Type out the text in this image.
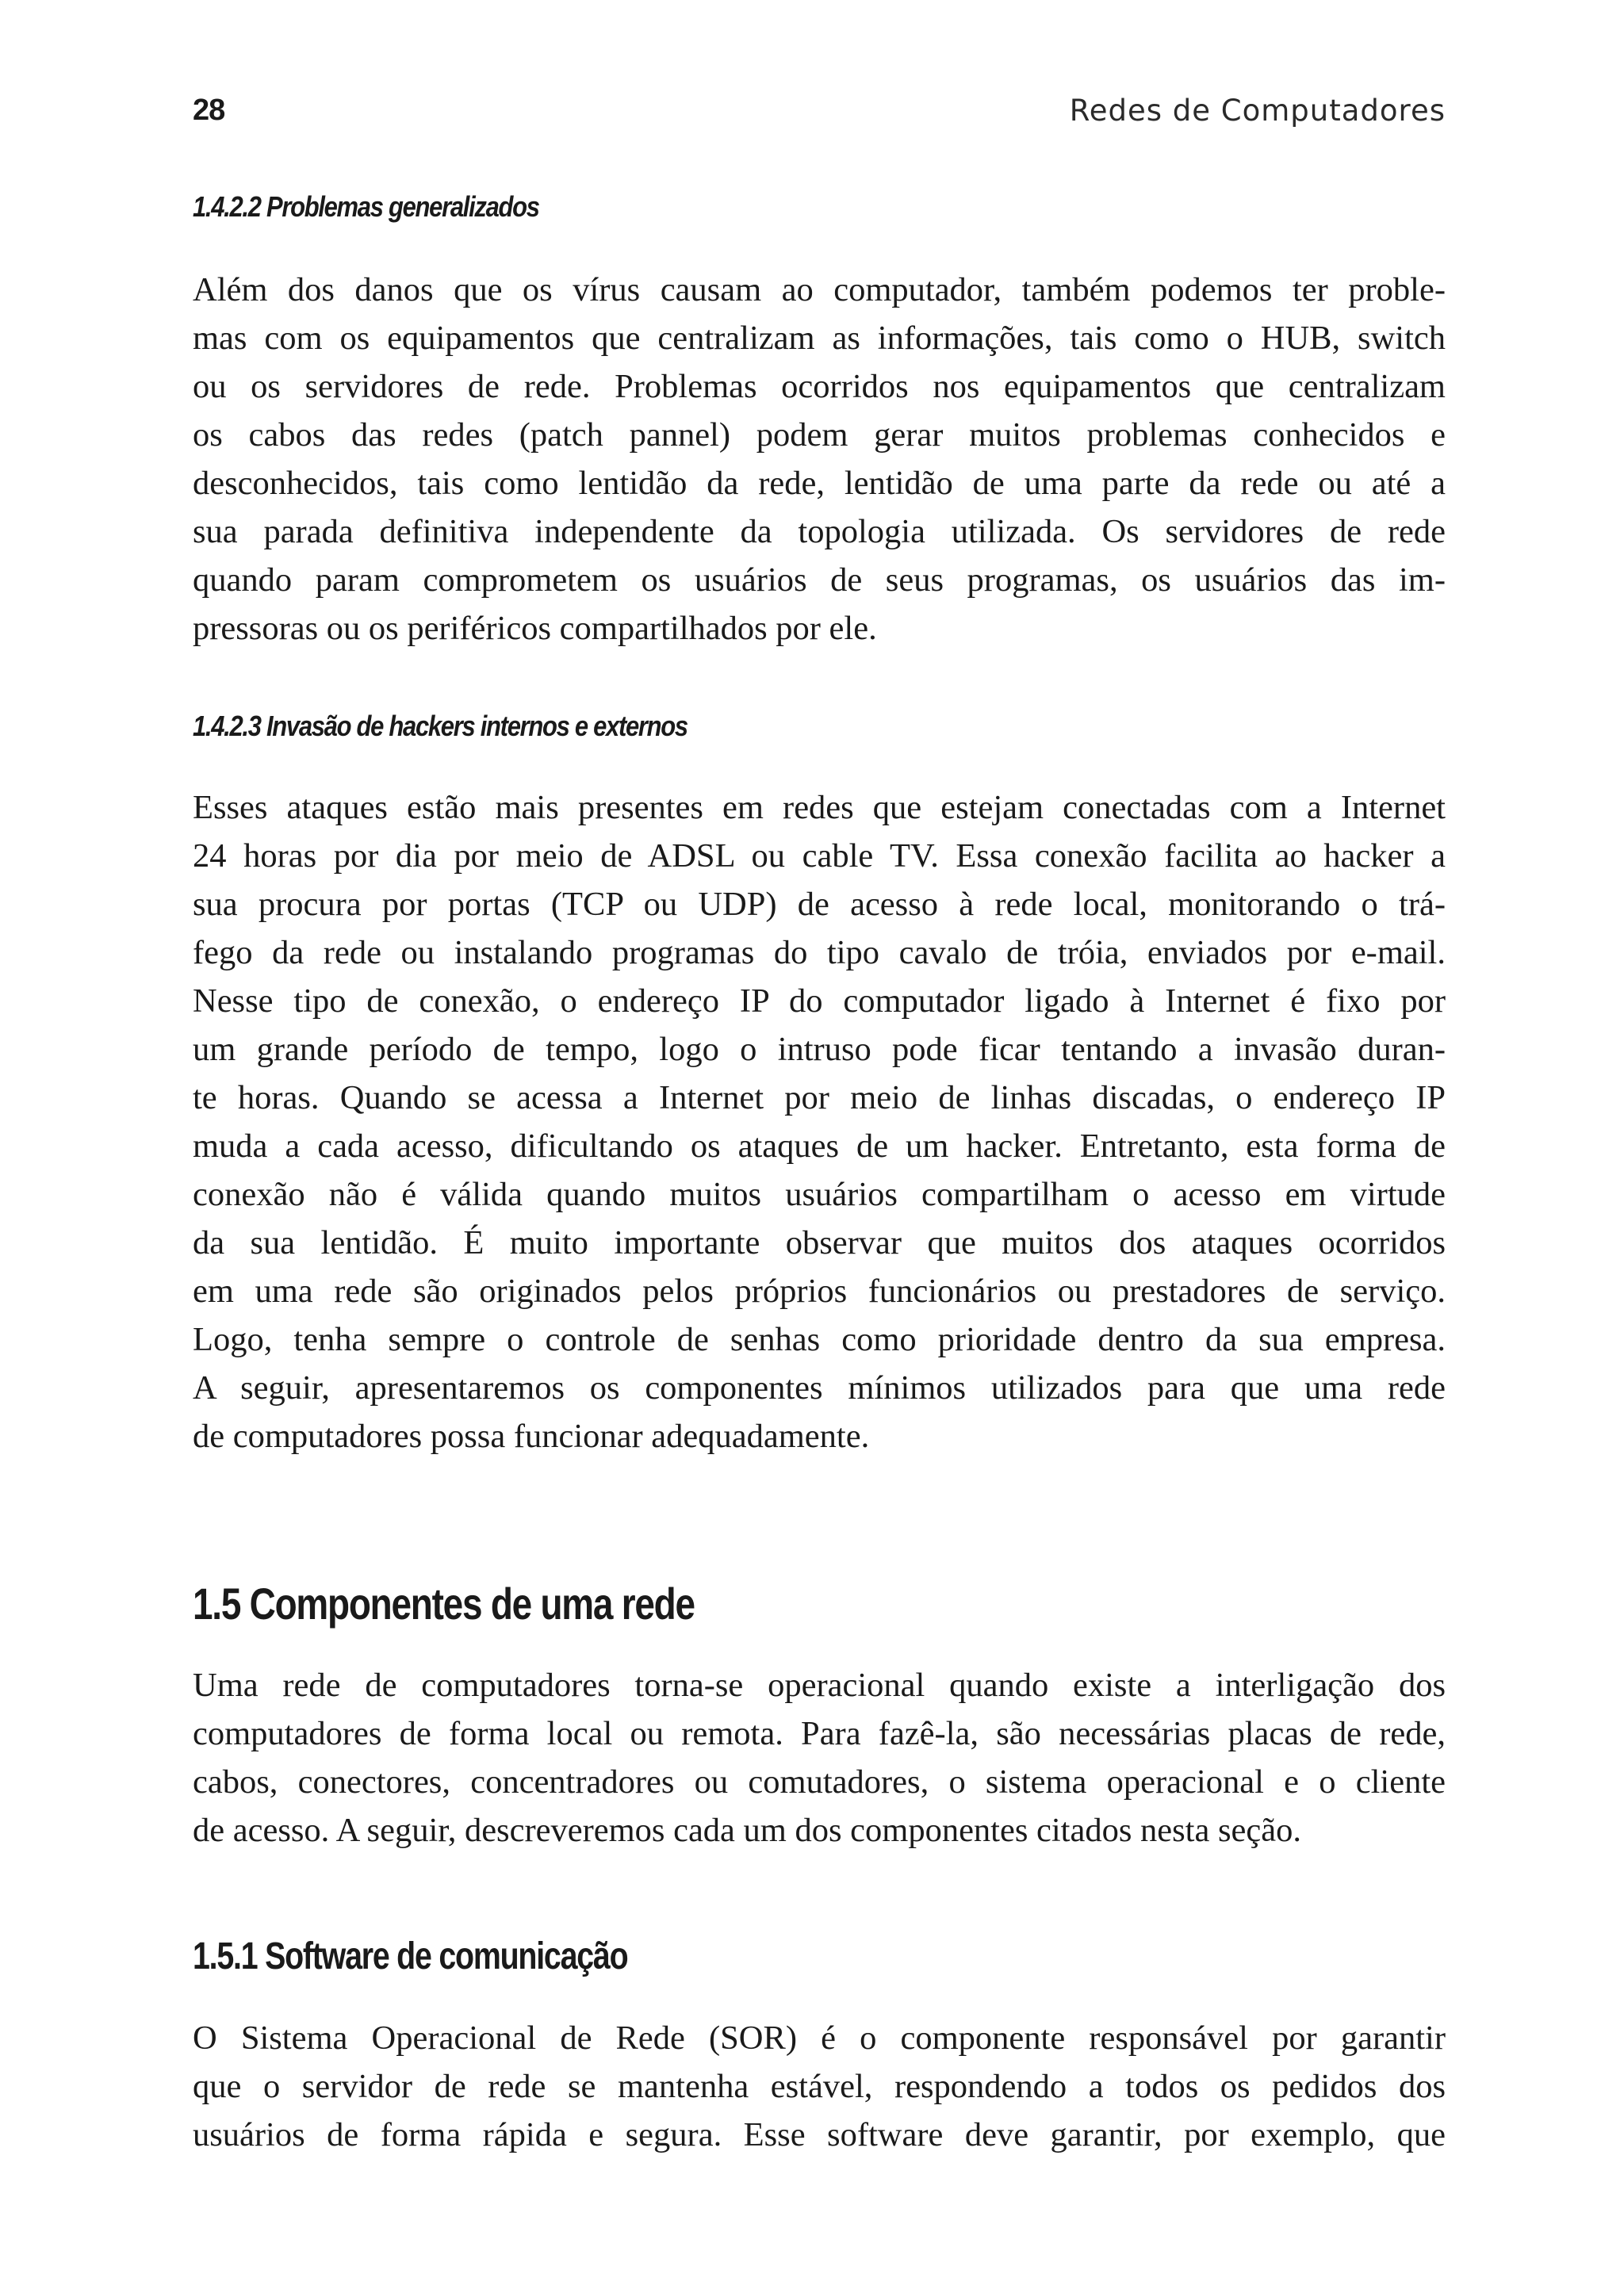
28	Redes de Computadores
1.4.2.2 Problemas generalizados
Além dos danos que os vírus causam ao computador, também podemos ter proble-
mas com os equipamentos que centralizam as informações, tais como o HUB, switch
ou os servidores de rede. Problemas ocorridos nos equipamentos que centralizam
os cabos das redes (patch pannel) podem gerar muitos problemas conhecidos e
desconhecidos, tais como lentidão da rede, lentidão de uma parte da rede ou até a
sua parada definitiva independente da topologia utilizada. Os servidores de rede
quando param comprometem os usuários de seus programas, os usuários das im-
pressoras ou os periféricos compartilhados por ele.
1.4.2.3 Invasão de hackers internos e externos
Esses ataques estão mais presentes em redes que estejam conectadas com a Internet
24 horas por dia por meio de ADSL ou cable TV. Essa conexão facilita ao hacker a
sua procura por portas (TCP ou UDP) de acesso à rede local, monitorando o trá-
fego da rede ou instalando programas do tipo cavalo de tróia, enviados por e-mail.
Nesse tipo de conexão, o endereço IP do computador ligado à Internet é fixo por
um grande período de tempo, logo o intruso pode ficar tentando a invasão duran-
te horas. Quando se acessa a Internet por meio de linhas discadas, o endereço IP
muda a cada acesso, dificultando os ataques de um hacker. Entretanto, esta forma de
conexão não é válida quando muitos usuários compartilham o acesso em virtude
da sua lentidão. É muito importante observar que muitos dos ataques ocorridos
em uma rede são originados pelos próprios funcionários ou prestadores de serviço.
Logo, tenha sempre o controle de senhas como prioridade dentro da sua empresa.
A seguir, apresentaremos os componentes mínimos utilizados para que uma rede
de computadores possa funcionar adequadamente.
1.5 Componentes de uma rede
Uma rede de computadores torna-se operacional quando existe a interligação dos
computadores de forma local ou remota. Para fazê-la, são necessárias placas de rede,
cabos, conectores, concentradores ou comutadores, o sistema operacional e o cliente
de acesso. A seguir, descreveremos cada um dos componentes citados nesta seção.
1.5.1 Software de comunicação
O Sistema Operacional de Rede (SOR) é o componente responsável por garantir
que o servidor de rede se mantenha estável, respondendo a todos os pedidos dos
usuários de forma rápida e segura. Esse software deve garantir, por exemplo, que
